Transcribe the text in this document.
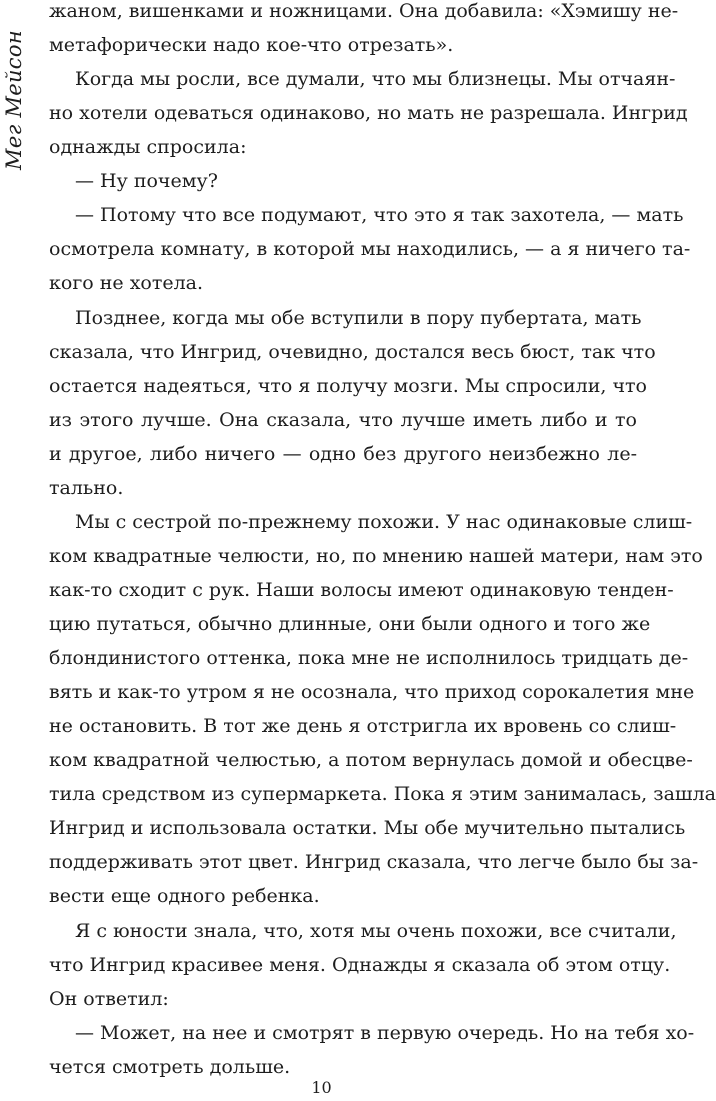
Мег Мейсон
жаном, вишенками и ножницами. Она добавила: «Хэмишу не-
метафорически надо кое-что отрезать».
Когда мы росли, все думали, что мы близнецы. Мы отчаян-
но хотели одеваться одинаково, но мать не разрешала. Ингрид
однажды спросила:
— Ну почему?
— Потому что все подумают, что это я так захотела, — мать
осмотрела комнату, в которой мы находились, — а я ничего та-
кого не хотела.
Позднее, когда мы обе вступили в пору пубертата, мать
сказала, что Ингрид, очевидно, достался весь бюст, так что
остается надеяться, что я получу мозги. Мы спросили, что
из этого лучше. Она сказала, что лучше иметь либо и то
и другое, либо ничего — одно без другого неизбежно ле-
тально.
Мы с сестрой по-прежнему похожи. У нас одинаковые слиш-
ком квадратные челюсти, но, по мнению нашей матери, нам это
как-то сходит с рук. Наши волосы имеют одинаковую тенден-
цию путаться, обычно длинные, они были одного и того же
блондинистого оттенка, пока мне не исполнилось тридцать де-
вять и как-то утром я не осознала, что приход сорокалетия мне
не остановить. В тот же день я отстригла их вровень со слиш-
ком квадратной челюстью, а потом вернулась домой и обесцве-
тила средством из супермаркета. Пока я этим занималась, зашла
Ингрид и использовала остатки. Мы обе мучительно пытались
поддерживать этот цвет. Ингрид сказала, что легче было бы за-
вести еще одного ребенка.
Я с юности знала, что, хотя мы очень похожи, все считали,
что Ингрид красивее меня. Однажды я сказала об этом отцу.
Он ответил:
— Может, на нее и смотрят в первую очередь. Но на тебя хо-
чется смотреть дольше.
10
